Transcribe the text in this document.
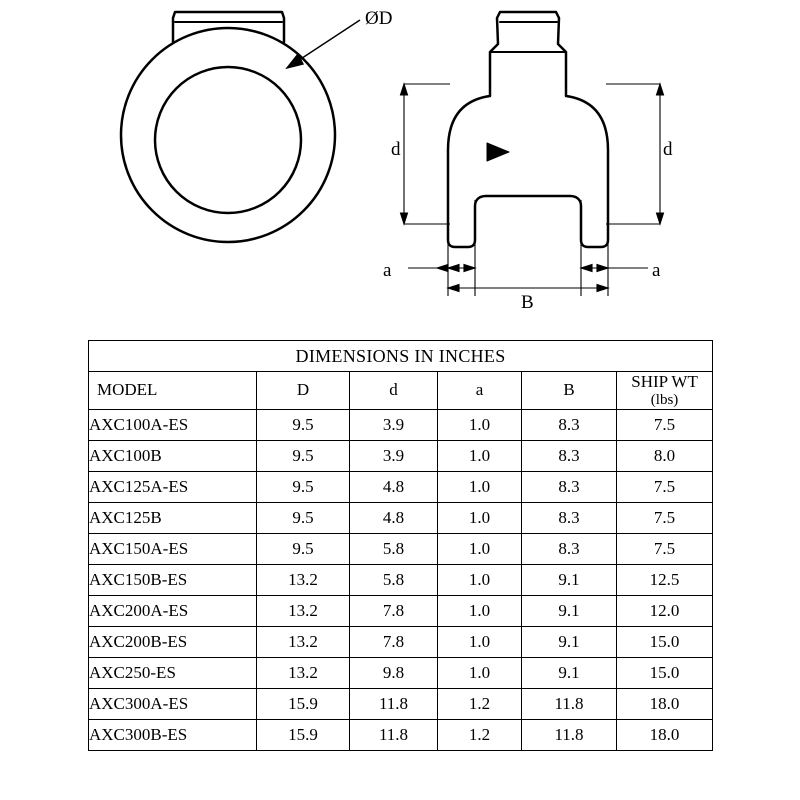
ØD
d	d
a	a
B
DIMENSIONS IN INCHES					
MODEL	D	d	a	B	SHIP WT
(lbs)

AXC100A-ES	9.5	3.9	1.0	8.3	7.5
AXC100B	9.5	3.9	1.0	8.3	8.0
AXC125A-ES	9.5	4.8	1.0	8.3	7.5
AXC125B	9.5	4.8	1.0	8.3	7.5
AXC150A-ES	9.5	5.8	1.0	8.3	7.5
AXC150B-ES	13.2	5.8	1.0	9.1	12.5
AXC200A-ES	13.2	7.8	1.0	9.1	12.0
AXC200B-ES	13.2	7.8	1.0	9.1	15.0
AXC250-ES	13.2	9.8	1.0	9.1	15.0
AXC300A-ES	15.9	11.8	1.2	11.8	18.0
AXC300B-ES	15.9	11.8	1.2	11.8	18.0
